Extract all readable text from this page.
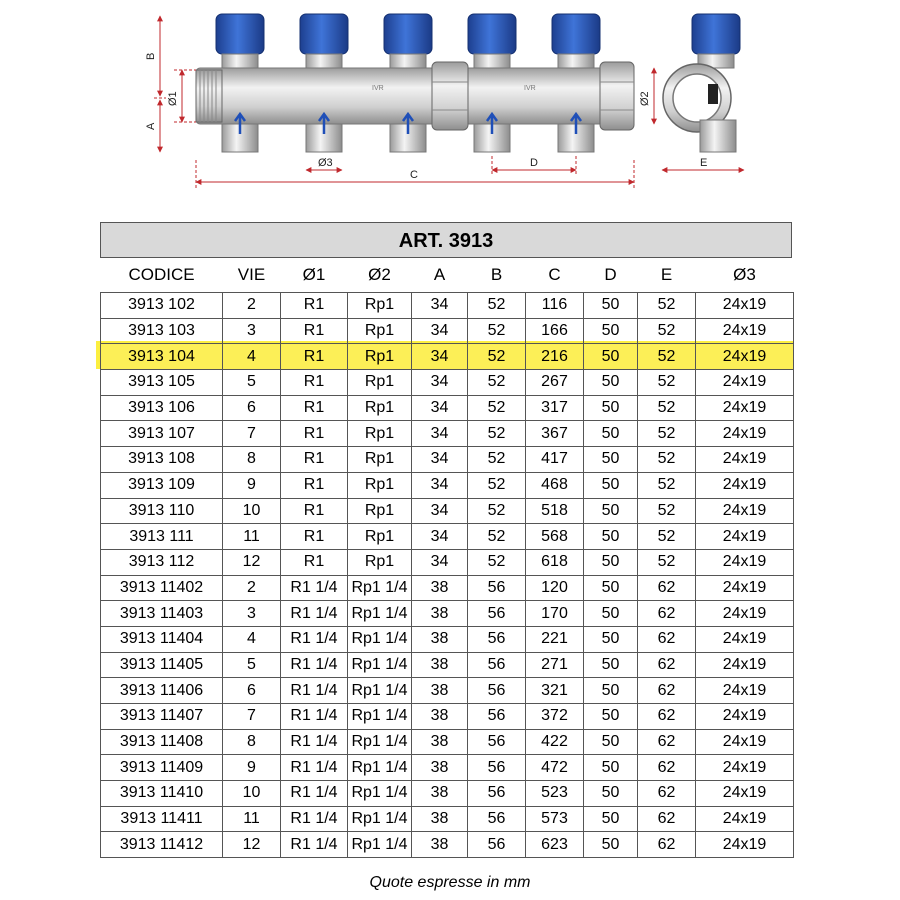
IVR	IVR
B
A
Ø1	Ø2
C
Ø3	D	E
ART. 3913
CODICE	VIE	Ø1	Ø2	A	B	C	D	E	Ø3
3913 102	2	R1	Rp1	34	52	116	50	52	24x19
3913 103	3	R1	Rp1	34	52	166	50	52	24x19
3913 104	4	R1	Rp1	34	52	216	50	52	24x19
3913 105	5	R1	Rp1	34	52	267	50	52	24x19
3913 106	6	R1	Rp1	34	52	317	50	52	24x19
3913 107	7	R1	Rp1	34	52	367	50	52	24x19
3913 108	8	R1	Rp1	34	52	417	50	52	24x19
3913 109	9	R1	Rp1	34	52	468	50	52	24x19
3913 110	10	R1	Rp1	34	52	518	50	52	24x19
3913 111	11	R1	Rp1	34	52	568	50	52	24x19
3913 112	12	R1	Rp1	34	52	618	50	52	24x19
3913 11402	2	R1 1/4	Rp1 1/4	38	56	120	50	62	24x19
3913 11403	3	R1 1/4	Rp1 1/4	38	56	170	50	62	24x19
3913 11404	4	R1 1/4	Rp1 1/4	38	56	221	50	62	24x19
3913 11405	5	R1 1/4	Rp1 1/4	38	56	271	50	62	24x19
3913 11406	6	R1 1/4	Rp1 1/4	38	56	321	50	62	24x19
3913 11407	7	R1 1/4	Rp1 1/4	38	56	372	50	62	24x19
3913 11408	8	R1 1/4	Rp1 1/4	38	56	422	50	62	24x19
3913 11409	9	R1 1/4	Rp1 1/4	38	56	472	50	62	24x19
3913 11410	10	R1 1/4	Rp1 1/4	38	56	523	50	62	24x19
3913 11411	11	R1 1/4	Rp1 1/4	38	56	573	50	62	24x19
3913 11412	12	R1 1/4	Rp1 1/4	38	56	623	50	62	24x19
Quote espresse in mm
